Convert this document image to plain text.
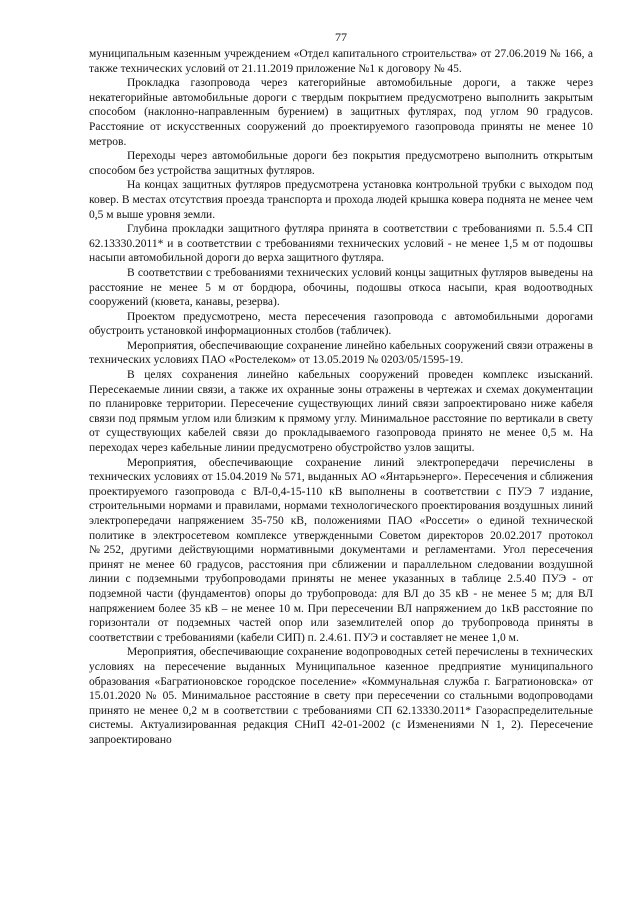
77

муниципальным казенным учреждением «Отдел капитального строительства» от 27.06.2019 № 166, а также технических условий от 21.11.2019 приложение №1 к договору № 45.

Прокладка газопровода через категорийные автомобильные дороги, а также через некатегорийные автомобильные дороги с твердым покрытием предусмотрено выполнить закрытым способом (наклонно-направленным бурением) в защитных футлярах, под углом 90 градусов. Расстояние от искусственных сооружений до проектируемого газопровода приняты не менее 10 метров.

Переходы через автомобильные дороги без покрытия предусмотрено выполнить открытым способом без устройства защитных футляров.

На концах защитных футляров предусмотрена установка контрольной трубки с выходом под ковер. В местах отсутствия проезда транспорта и прохода людей крышка ковера поднята не менее чем 0,5 м выше уровня земли.

Глубина прокладки защитного футляра принята в соответствии с требованиями п. 5.5.4 СП 62.13330.2011* и в соответствии с требованиями технических условий - не менее 1,5 м от подошвы насыпи автомобильной дороги до верха защитного футляра.

В соответствии с требованиями технических условий концы защитных футляров выведены на расстояние не менее 5 м от бордюра, обочины, подошвы откоса насыпи, края водоотводных сооружений (кювета, канавы, резерва).

Проектом предусмотрено, места пересечения газопровода с автомобильными дорогами обустроить установкой информационных столбов (табличек).

Мероприятия, обеспечивающие сохранение линейно кабельных сооружений связи отражены в технических условиях ПАО «Ростелеком» от 13.05.2019 № 0203/05/1595-19.

В целях сохранения линейно кабельных сооружений проведен комплекс изысканий. Пересекаемые линии связи, а также их охранные зоны отражены в чертежах и схемах документации по планировке территории. Пересечение существующих линий связи запроектировано ниже кабеля связи под прямым углом или близким к прямому углу. Минимальное расстояние по вертикали в свету от существующих кабелей связи до прокладываемого газопровода принято не менее 0,5 м. На переходах через кабельные линии предусмотрено обустройство узлов защиты.

Мероприятия, обеспечивающие сохранение линий электропередачи перечислены в технических условиях от 15.04.2019 № 571, выданных АО «Янтарьэнерго». Пересечения и сближения проектируемого газопровода с ВЛ-0,4-15-110 кВ выполнены в соответствии с ПУЭ 7 издание, строительными нормами и правилами, нормами технологического проектирования воздушных линий электропередачи напряжением 35-750 кВ, положениями ПАО «Россети» о единой технической политике в электросетевом комплексе утвержденными Советом директоров 20.02.2017 протокол №252, другими действующими нормативными документами и регламентами. Угол пересечения принят не менее 60 градусов, расстояния при сближении и параллельном следовании воздушной линии с подземными трубопроводами приняты не менее указанных в таблице 2.5.40 ПУЭ - от подземной части (фундаментов) опоры до трубопровода: для ВЛ до 35 кВ - не менее 5 м; для ВЛ напряжением более 35 кВ – не менее 10 м. При пересечении ВЛ напряжением до 1кВ расстояние по горизонтали от подземных частей опор или заземлителей опор до трубопровода приняты в соответствии с требованиями (кабели СИП) п. 2.4.61. ПУЭ и составляет не менее 1,0 м.

Мероприятия, обеспечивающие сохранение водопроводных сетей перечислены в технических условиях на пересечение выданных Муниципальное казенное предприятие муниципального образования «Багратионовское городское поселение» «Коммунальная служба г. Багратионовска» от 15.01.2020 № 05. Минимальное расстояние в свету при пересечении со стальными водопроводами принято не менее 0,2 м в соответствии с требованиями СП 62.13330.2011* Газораспределительные системы. Актуализированная редакция СНиП 42-01-2002 (с Изменениями N 1, 2). Пересечение запроектировано
